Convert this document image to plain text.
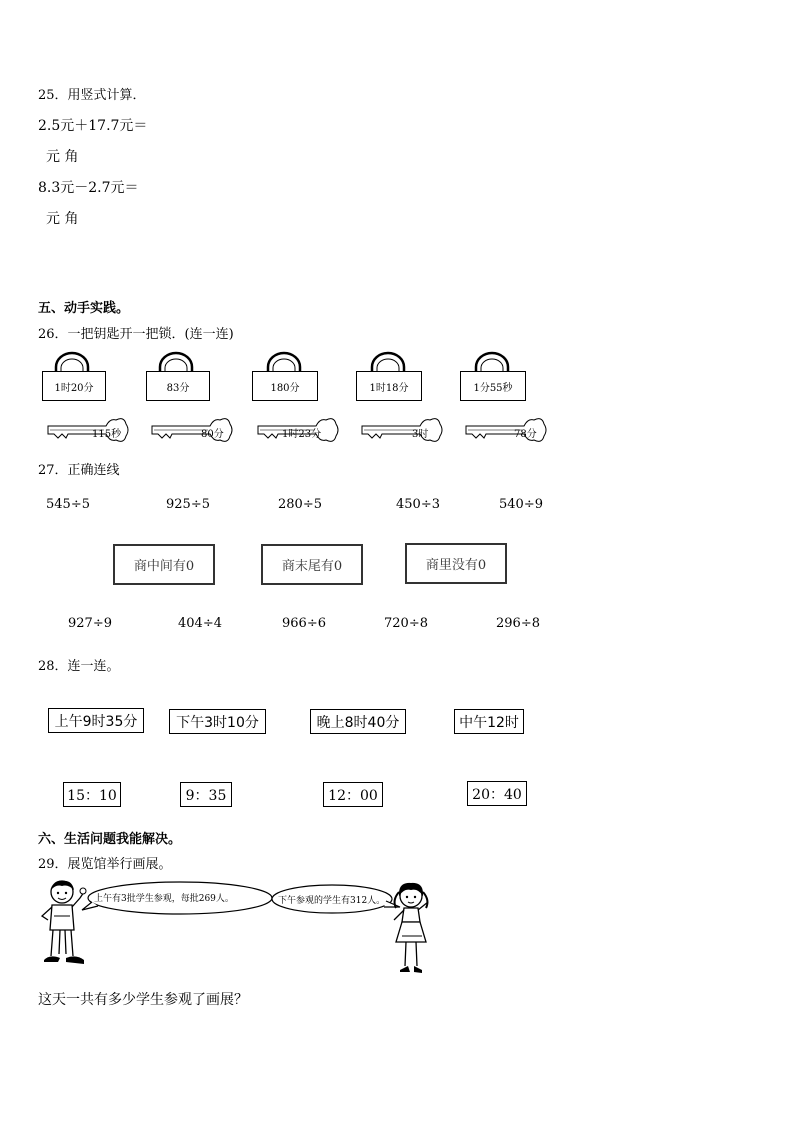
25．用竖式计算．
2.5元＋17.7元＝
元 角
8.3元－2.7元＝
元 角
五、动手实践。
26．一把钥匙开一把锁．(连一连)
1时20分	83分	180分	1时18分	1分55秒
115秒	80分	1时23分	3时	78分
27．正确连线
545÷5	925÷5	280÷5	450÷3	540÷9
商中间有0	商末尾有0	商里没有0
927÷9	404÷4	966÷6	720÷8	296÷8
28．连一连。
上午9时35分	下午3时10分	晚上8时40分	中午12时
15：10	9：35	12：00	20：40
六、生活问题我能解决。
29．展览馆举行画展。
上午有3批学生参观，每批269人。	下午参观的学生有312人。
这天一共有多少学生参观了画展？
